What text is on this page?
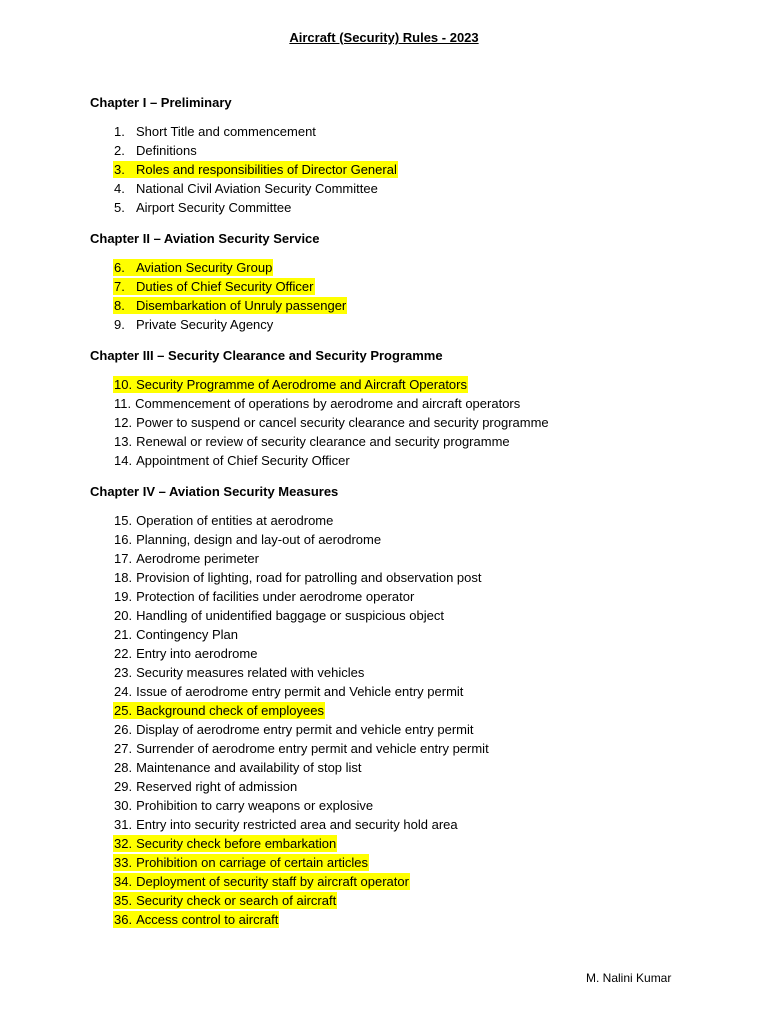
Aircraft (Security) Rules - 2023
Chapter I – Preliminary
1. Short Title and commencement
2. Definitions
3. Roles and responsibilities of Director General
4. National Civil Aviation Security Committee
5. Airport Security Committee
Chapter II – Aviation Security Service
6. Aviation Security Group
7. Duties of Chief Security Officer
8. Disembarkation of Unruly passenger
9. Private Security Agency
Chapter III – Security Clearance and Security Programme
10. Security Programme of Aerodrome and Aircraft Operators
11. Commencement of operations by aerodrome and aircraft operators
12. Power to suspend or cancel security clearance and security programme
13. Renewal or review of security clearance and security programme
14. Appointment of Chief Security Officer
Chapter IV – Aviation Security Measures
15. Operation of entities at aerodrome
16. Planning, design and lay-out of aerodrome
17. Aerodrome perimeter
18. Provision of lighting, road for patrolling and observation post
19. Protection of facilities under aerodrome operator
20. Handling of unidentified baggage or suspicious object
21. Contingency Plan
22. Entry into aerodrome
23. Security measures related with vehicles
24. Issue of aerodrome entry permit and Vehicle entry permit
25. Background check of employees
26. Display of aerodrome entry permit and vehicle entry permit
27. Surrender of aerodrome entry permit and vehicle entry permit
28. Maintenance and availability of stop list
29. Reserved right of admission
30. Prohibition to carry weapons or explosive
31. Entry into security restricted area and security hold area
32. Security check before embarkation
33. Prohibition on carriage of certain articles
34. Deployment of security staff by aircraft operator
35. Security check or search of aircraft
36. Access control to aircraft
M. Nalini Kumar
